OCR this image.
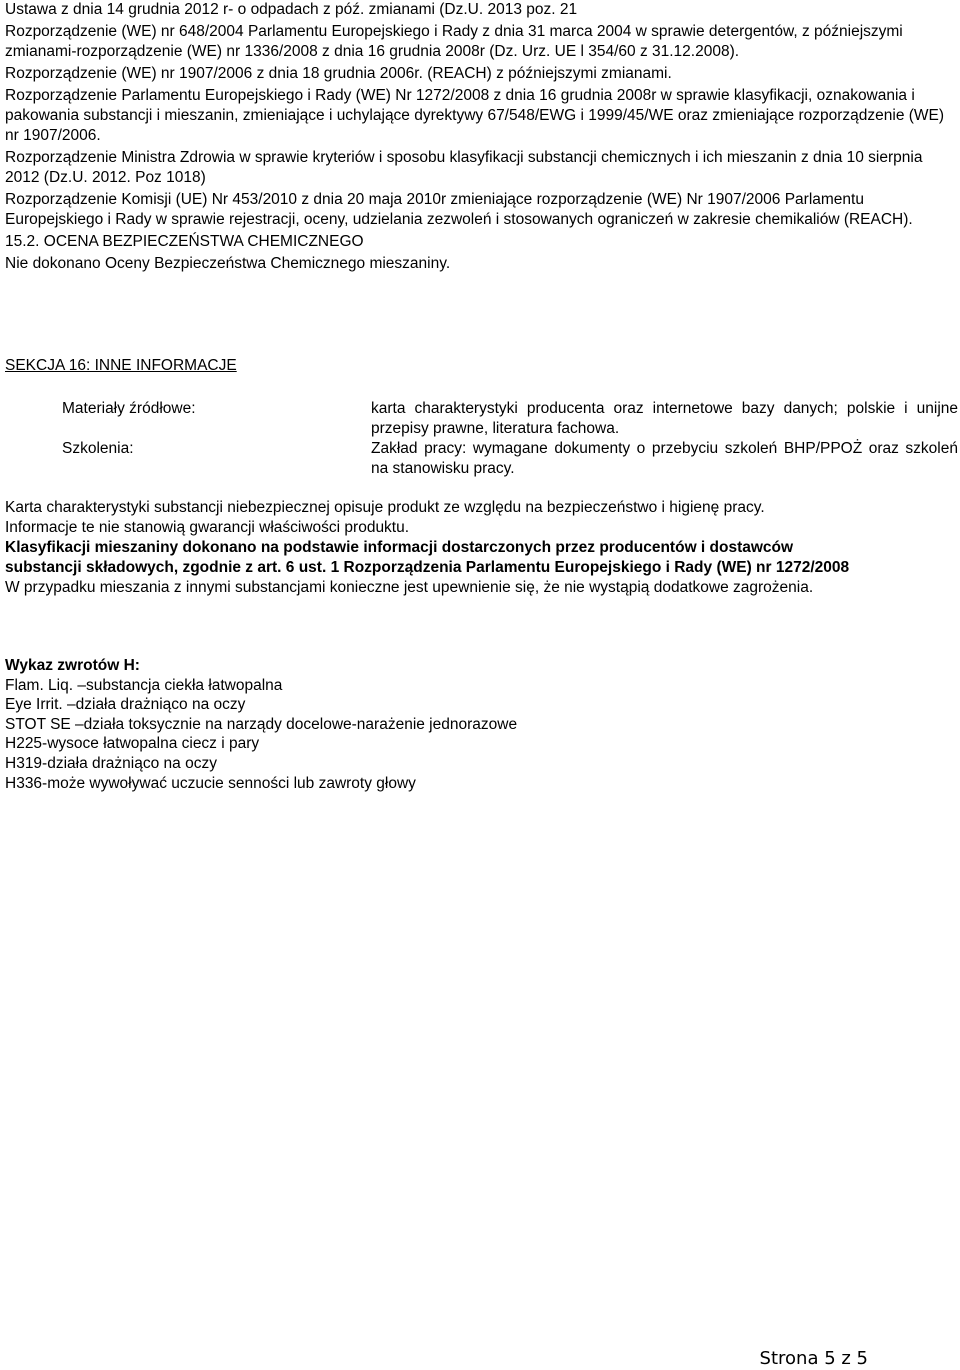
Ustawa z dnia 14 grudnia 2012 r- o odpadach z póź. zmianami (Dz.U. 2013 poz. 21

Rozporządzenie (WE) nr 648/2004 Parlamentu Europejskiego i Rady z dnia 31 marca 2004 w sprawie detergentów, z późniejszymi zmianami-rozporządzenie (WE) nr 1336/2008 z dnia 16 grudnia 2008r (Dz. Urz. UE l 354/60 z 31.12.2008).

Rozporządzenie (WE) nr 1907/2006 z dnia 18 grudnia 2006r. (REACH) z późniejszymi zmianami.

Rozporządzenie Parlamentu Europejskiego i Rady (WE) Nr 1272/2008 z dnia 16 grudnia 2008r w sprawie klasyfikacji, oznakowania i pakowania substancji i mieszanin, zmieniające i uchylające dyrektywy 67/548/EWG i 1999/45/WE oraz zmieniające rozporządzenie (WE) nr 1907/2006.

Rozporządzenie Ministra Zdrowia w sprawie kryteriów i sposobu klasyfikacji substancji chemicznych i ich mieszanin z dnia 10 sierpnia 2012 (Dz.U. 2012. Poz 1018)

Rozporządzenie Komisji (UE) Nr 453/2010 z dnia 20 maja 2010r zmieniające rozporządzenie (WE) Nr 1907/2006 Parlamentu Europejskiego i Rady w sprawie rejestracji, oceny, udzielania zezwoleń i stosowanych ograniczeń w zakresie chemikaliów (REACH).

15.2. OCENA BEZPIECZEŃSTWA CHEMICZNEGO

Nie dokonano Oceny Bezpieczeństwa Chemicznego mieszaniny.

SEKCJA 16: INNE INFORMACJE
Materiały źródłowe:	karta charakterystyki producenta oraz internetowe bazy danych; polskie i unijne przepisy prawne, literatura fachowa.
Szkolenia:	Zakład pracy: wymagane dokumenty o przebyciu szkoleń BHP/PPOŻ oraz szkoleń na stanowisku pracy.

Karta charakterystyki substancji niebezpiecznej opisuje produkt ze względu na bezpieczeństwo i higienę pracy.

Informacje te nie stanowią gwarancji właściwości produktu.

Klasyfikacji mieszaniny dokonano na podstawie informacji dostarczonych przez producentów i dostawców substancji składowych, zgodnie z art. 6 ust. 1 Rozporządzenia Parlamentu Europejskiego i Rady (WE) nr 1272/2008

W przypadku mieszania z innymi substancjami konieczne jest upewnienie się, że nie wystąpią dodatkowe zagrożenia.

Wykaz zwrotów H:
Flam. Liq. –substancja ciekła łatwopalna
Eye Irrit. –działa drażniąco na oczy
STOT SE –działa toksycznie na narządy docelowe-narażenie jednorazowe
H225-wysoce łatwopalna ciecz i pary
H319-działa drażniąco na oczy
H336-może wywoływać uczucie senności lub zawroty głowy
Strona 5 z 5
